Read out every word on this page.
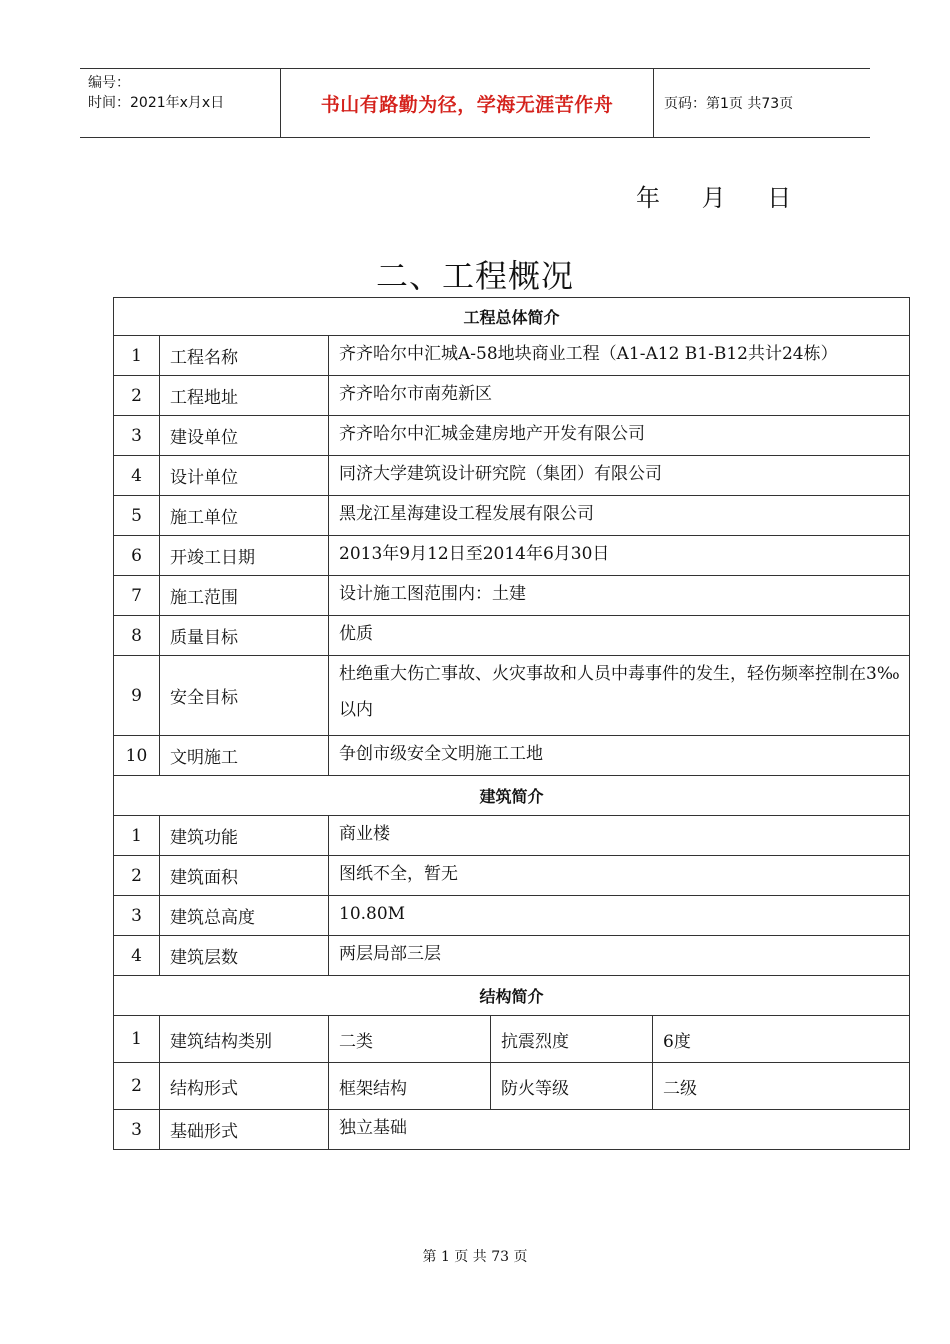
编号：
时间：2021年x月x日	书山有路勤为径，学海无涯苦作舟	页码：第1页 共73页
年 月 日
二、工程概况
工程总体简介				
1	工程名称	齐齐哈尔中汇城A-58地块商业工程（A1-A12 B1-B12共计24栋）		
2	工程地址	齐齐哈尔市南苑新区		
3	建设单位	齐齐哈尔中汇城金建房地产开发有限公司		
4	设计单位	同济大学建筑设计研究院（集团）有限公司		
5	施工单位	黑龙江星海建设工程发展有限公司		
6	开竣工日期	2013年9月12日至2014年6月30日		
7	施工范围	设计施工图范围内：土建		
8	质量目标	优质		
9	安全目标	杜绝重大伤亡事故、火灾事故和人员中毒事件的发生，轻伤频率控制在3‰以内		
10	文明施工	争创市级安全文明施工工地		
建筑简介				
1	建筑功能	商业楼		
2	建筑面积	图纸不全，暂无		
3	建筑总高度	10.80M		
4	建筑层数	两层局部三层		
结构简介				
1	建筑结构类别	二类	抗震烈度	6度
2	结构形式	框架结构	防火等级	二级
3	基础形式	独立基础		
第 1 页 共 73 页
